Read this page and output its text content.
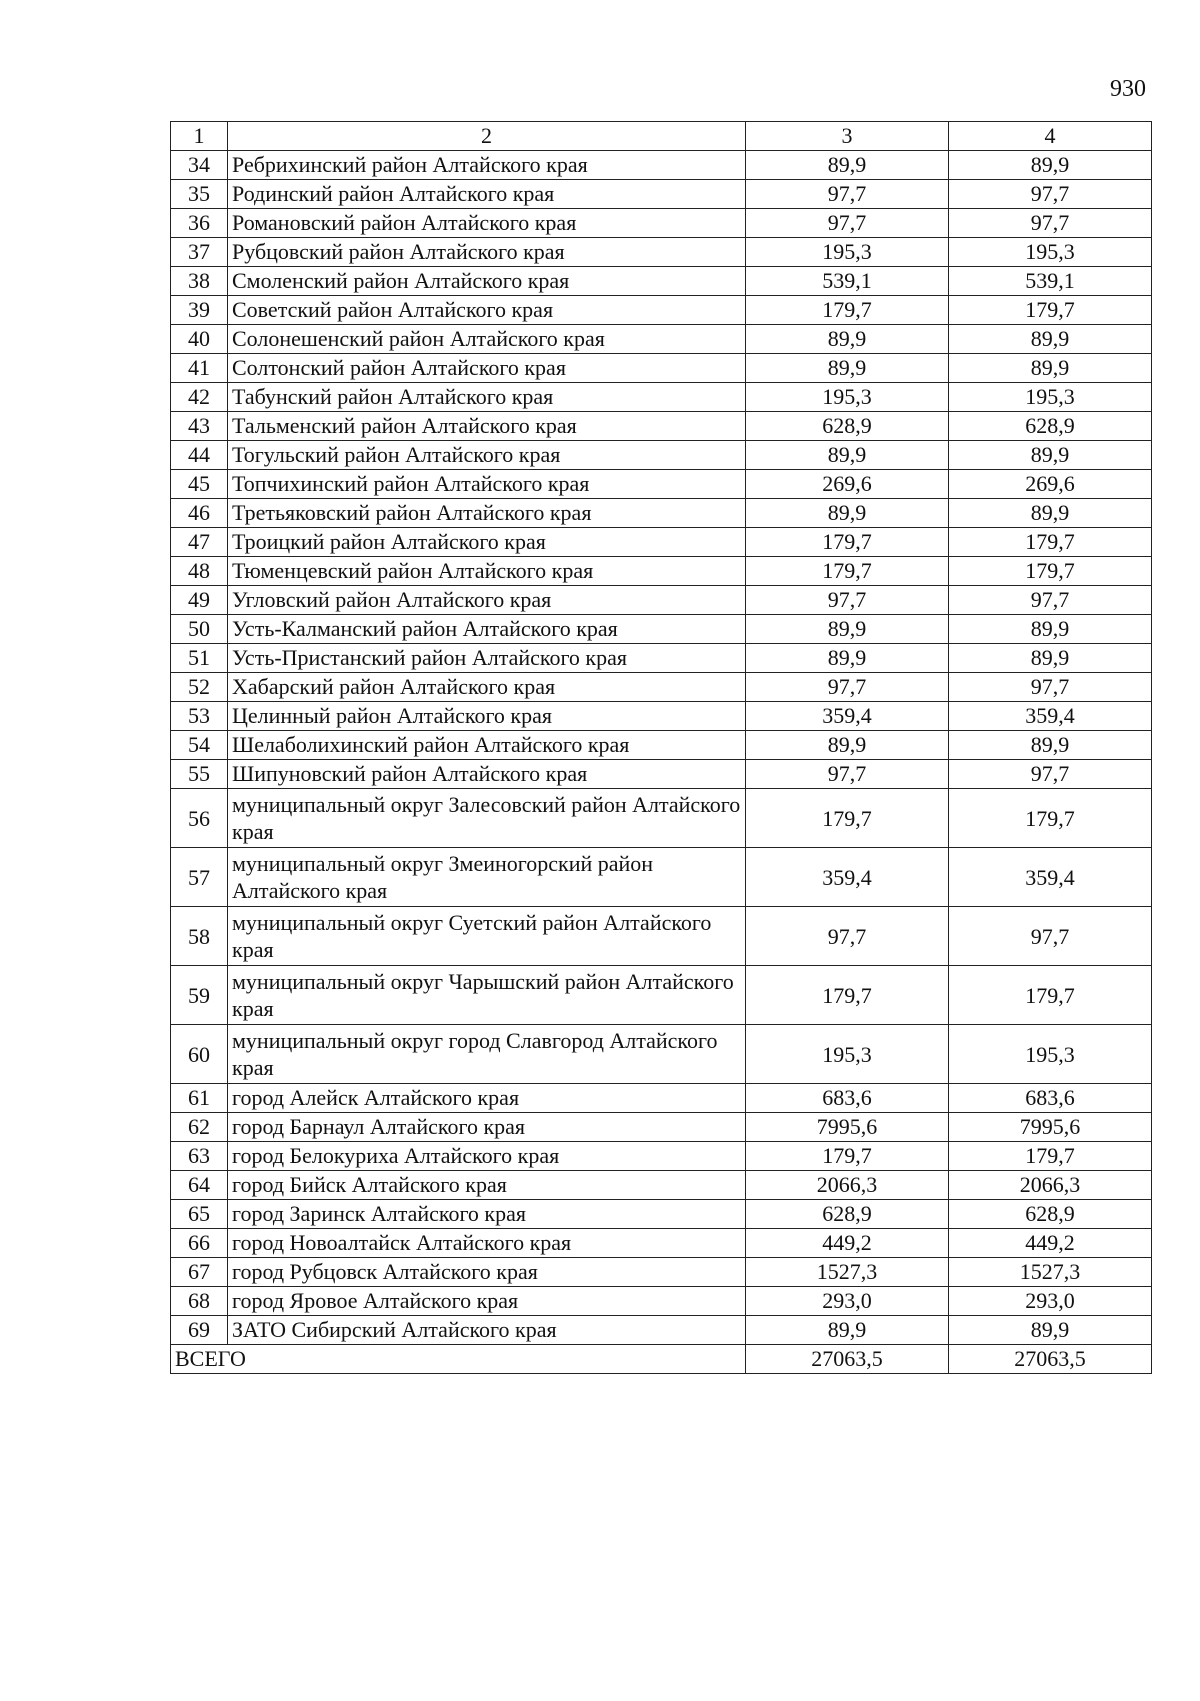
930
1	2	3	4
34	Ребрихинский район Алтайского края	89,9	89,9
35	Родинский район Алтайского края	97,7	97,7
36	Романовский район Алтайского края	97,7	97,7
37	Рубцовский район Алтайского края	195,3	195,3
38	Смоленский район Алтайского края	539,1	539,1
39	Советский район Алтайского края	179,7	179,7
40	Солонешенский район Алтайского края	89,9	89,9
41	Солтонский район Алтайского края	89,9	89,9
42	Табунский район Алтайского края	195,3	195,3
43	Тальменский район Алтайского края	628,9	628,9
44	Тогульский район Алтайского края	89,9	89,9
45	Топчихинский район Алтайского края	269,6	269,6
46	Третьяковский район Алтайского края	89,9	89,9
47	Троицкий район Алтайского края	179,7	179,7
48	Тюменцевский район Алтайского края	179,7	179,7
49	Угловский район Алтайского края	97,7	97,7
50	Усть-Калманский район Алтайского края	89,9	89,9
51	Усть-Пристанский район Алтайского края	89,9	89,9
52	Хабарский район Алтайского края	97,7	97,7
53	Целинный район Алтайского края	359,4	359,4
54	Шелаболихинский район Алтайского края	89,9	89,9
55	Шипуновский район Алтайского края	97,7	97,7
56	муниципальный округ Залесовский район Алтайского края	179,7	179,7
57	муниципальный округ Змеиногорский район Алтайского края	359,4	359,4
58	муниципальный округ Суетский район Алтайского края	97,7	97,7
59	муниципальный округ Чарышский район Алтайского края	179,7	179,7
60	муниципальный округ город Славгород Алтайского края	195,3	195,3
61	город Алейск Алтайского края	683,6	683,6
62	город Барнаул Алтайского края	7995,6	7995,6
63	город Белокуриха Алтайского края	179,7	179,7
64	город Бийск Алтайского края	2066,3	2066,3
65	город Заринск Алтайского края	628,9	628,9
66	город Новоалтайск Алтайского края	449,2	449,2
67	город Рубцовск Алтайского края	1527,3	1527,3
68	город Яровое Алтайского края	293,0	293,0
69	ЗАТО Сибирский Алтайского края	89,9	89,9
ВСЕГО		27063,5	27063,5
